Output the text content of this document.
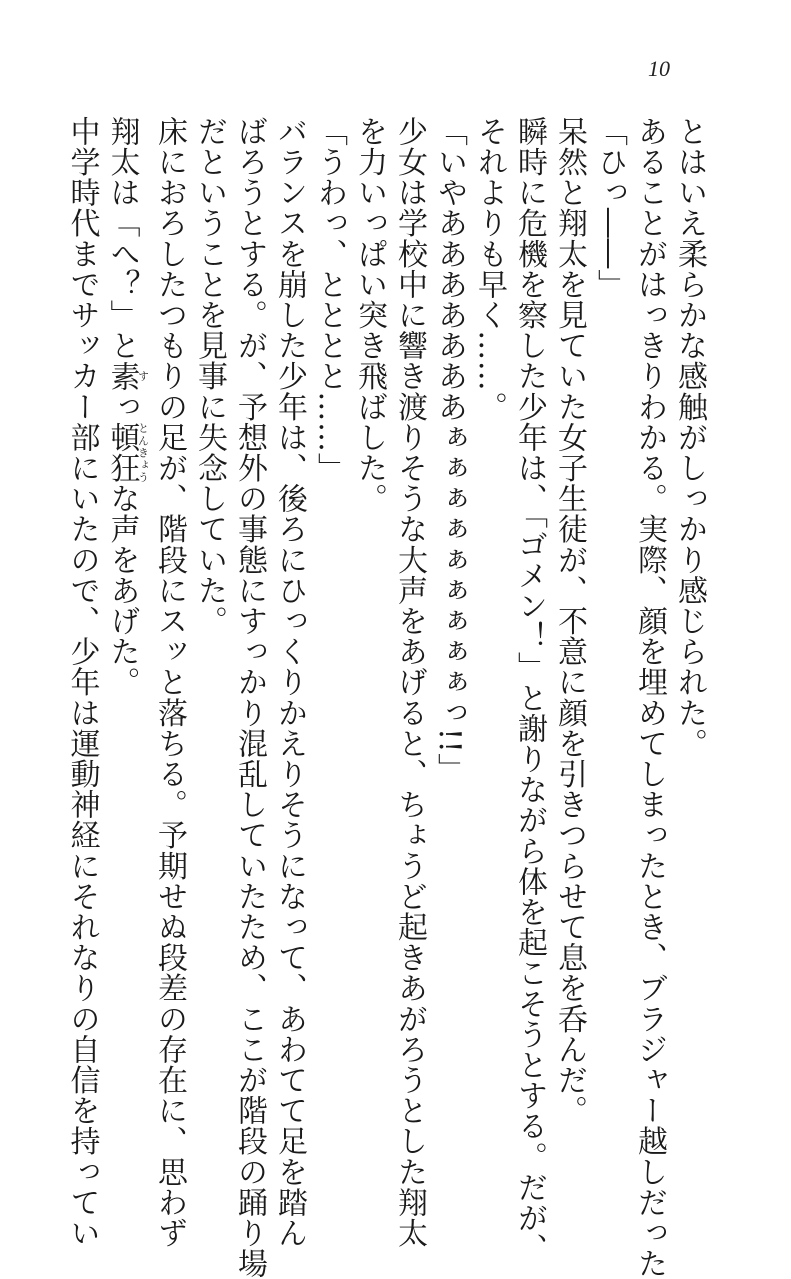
10
とはいえ柔らかな感触がしっかり感じられた。
あることがはっきりわかる。実際、顔を埋めてしまったとき、ブラジャー越しだった
「ひっ――」
呆然と翔太を見ていた女子生徒が、不意に顔を引きつらせて息を呑んだ。
瞬時に危機を察した少年は、「ゴメン！」と謝りながら体を起こそうとする。だが、
それよりも早く……。
「いやあああああああぁぁぁぁぁぁぁぁぁっ!!」
少女は学校中に響き渡りそうな大声をあげると、ちょうど起きあがろうとした翔太
を力いっぱい突き飛ばした。
「うわっ、とととと……」
バランスを崩した少年は、後ろにひっくりかえりそうになって、あわてて足を踏ん
ばろうとする。が、予想外の事態にすっかり混乱していたため、ここが階段の踊り場
だということを見事に失念していた。
床におろしたつもりの足が、階段にスッと落ちる。予期せぬ段差の存在に、思わず
翔太は「へ？」と素すっ頓狂とんきょうな声をあげた。
中学時代までサッカー部にいたので、少年は運動神経にそれなりの自信を持ってい
